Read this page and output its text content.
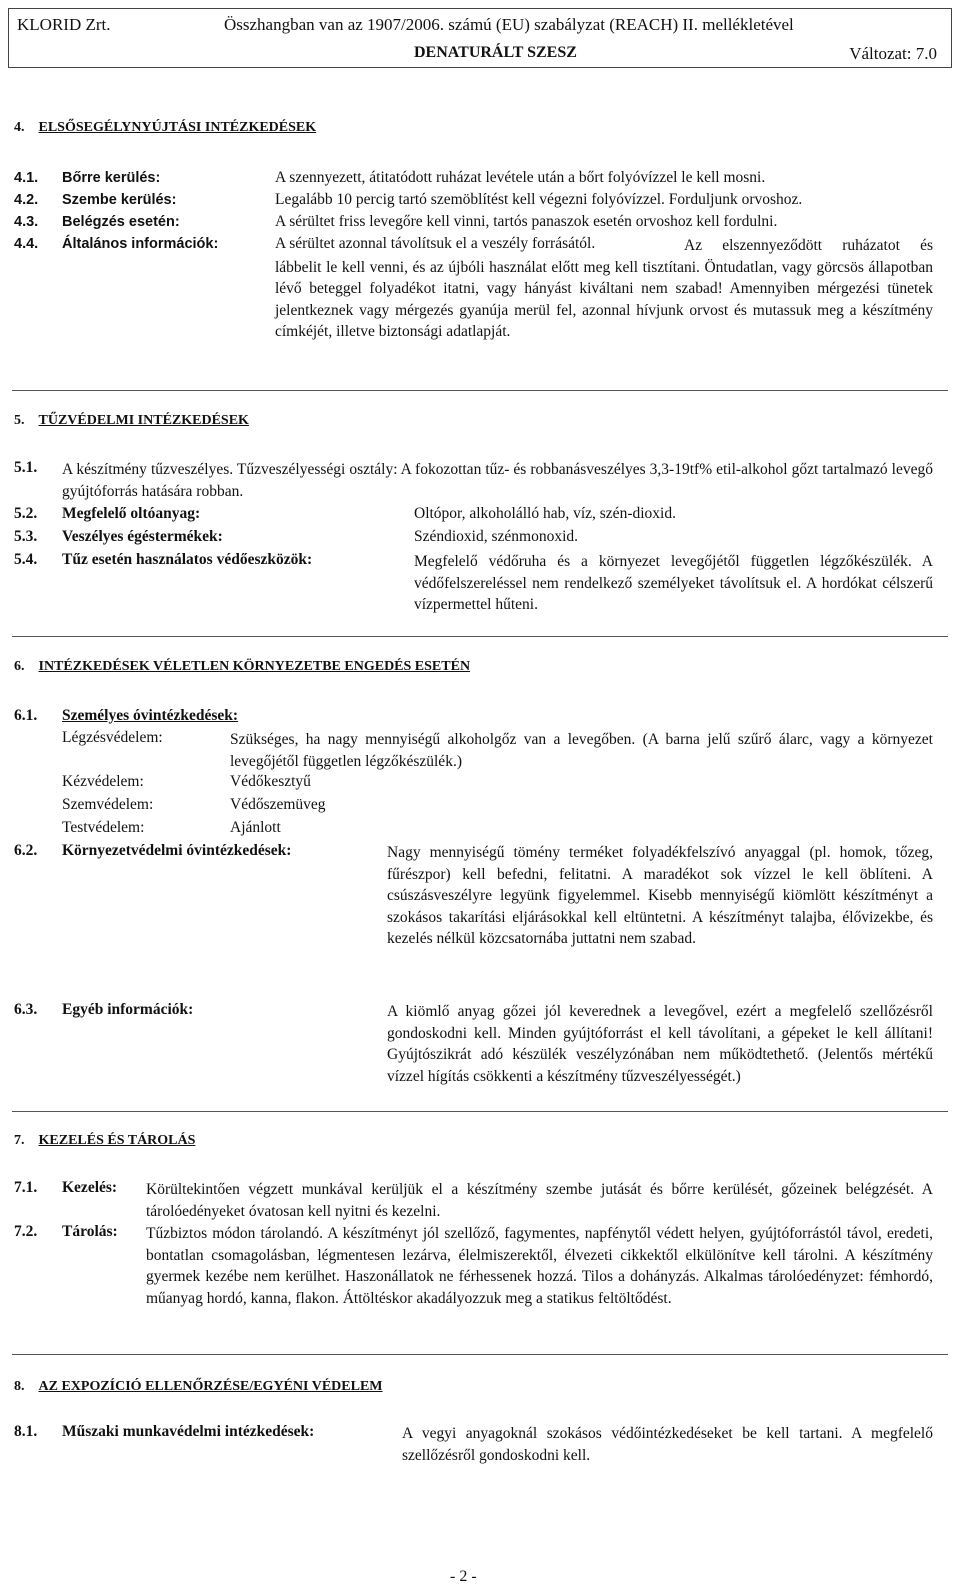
KLORID Zrt.	Összhangban van az 1907/2006. számú (EU) szabályzat (REACH) II. mellékletével
DENATURÁLT SZESZ	Változat: 7.0
4. ELSŐSEGÉLYNYÚJTÁSI INTÉZKEDÉSEK
4.1. Bőrre kerülés:	A szennyezett, átitatódott ruházat levétele után a bőrt folyóvízzel le kell mosni.
4.2. Szembe kerülés:	Legalább 10 percig tartó szemöblítést kell végezni folyóvízzel. Forduljunk orvoshoz.
4.3. Belégzés esetén:	A sérültet friss levegőre kell vinni, tartós panaszok esetén orvoshoz kell fordulni.
4.4. Általános információk:	A sérültet azonnal távolítsuk el a veszély forrásától.	Az elszennyeződött ruházatot és lábbelit le kell venni, és az újbóli használat előtt meg kell tisztítani. Öntudatlan, vagy görcsös állapotban lévő beteggel folyadékot itatni, vagy hányást kiváltani nem szabad! Amennyiben mérgezési tünetek jelentkeznek vagy mérgezés gyanúja merül fel, azonnal hívjunk orvost és mutassuk meg a készítmény címkéjét, illetve biztonsági adatlapját.
5. TŰZVÉDELMI INTÉZKEDÉSEK
5.1. A készítmény tűzveszélyes. Tűzveszélyességi osztály: A fokozottan tűz- és robbanásveszélyes 3,3-19tf% etil-alkohol gőzt tartalmazó levegő gyújtóforrás hatására robban.
5.2. Megfelelő oltóanyag:	Oltópor, alkoholálló hab, víz, szén-dioxid.
5.3. Veszélyes égéstermékek:	Széndioxid, szénmonoxid.
5.4. Tűz esetén használatos védőeszközök:	Megfelelő védőruha és a környezet levegőjétől független légzőkészülék. A védőfelszereléssel nem rendelkező személyeket távolítsuk el. A hordókat célszerű vízpermettel hűteni.
6. INTÉZKEDÉSEK VÉLETLEN KÖRNYEZETBE ENGEDÉS ESETÉN
6.1. Személyes óvintézkedések:
Légzésvédelem:	Szükséges, ha nagy mennyiségű alkoholgőz van a levegőben. (A barna jelű szűrő álarc, vagy a környezet levegőjétől független légzőkészülék.)
Kézvédelem:	Védőkesztyű
Szemvédelem:	Védőszemüveg
Testvédelem:	Ajánlott
6.2. Környezetvédelmi óvintézkedések:	Nagy mennyiségű tömény terméket folyadékfelszívó anyaggal (pl. homok, tőzeg, fűrészpor) kell befedni, felitatni. A maradékot sok vízzel le kell öblíteni. A csúszásveszélyre legyünk figyelemmel. Kisebb mennyiségű kiömlött készítményt a szokásos takarítási eljárásokkal kell eltüntetni. A készítményt talajba, élővizekbe, és kezelés nélkül közcsatornába juttatni nem szabad.
6.3. Egyéb információk:	A kiömlő anyag gőzei jól keverednek a levegővel, ezért a megfelelő szellőzésről gondoskodni kell. Minden gyújtóforrást el kell távolítani, a gépeket le kell állítani! Gyújtószikrát adó készülék veszélyzónában nem működtethető. (Jelentős mértékű vízzel hígítás csökkenti a készítmény tűzveszélyességét.)
7. KEZELÉS ÉS TÁROLÁS
7.1. Kezelés: Körültekintően végzett munkával kerüljük el a készítmény szembe jutását és bőrre kerülését, gőzeinek belégzését. A tárolóedényeket óvatosan kell nyitni és kezelni.
7.2. Tárolás: Tűzbiztos módon tárolandó. A készítményt jól szellőző, fagymentes, napfénytől védett helyen, gyújtóforrástól távol, eredeti, bontatlan csomagolásban, légmentesen lezárva, élelmiszerektől, élvezeti cikkektől elkülönítve kell tárolni. A készítmény gyermek kezébe nem kerülhet. Haszonállatok ne férhessenek hozzá. Tilos a dohányzás. Alkalmas tárolóedényzet: fémhordó, műanyag hordó, kanna, flakon. Áttöltéskor akadályozzuk meg a statikus feltöltődést.
8. AZ EXPOZÍCIÓ ELLENŐRZÉSE/EGYÉNI VÉDELEM
8.1. Műszaki munkavédelmi intézkedések:	A vegyi anyagoknál szokásos védőintézkedéseket be kell tartani. A megfelelő szellőzésről gondoskodni kell.
- 2 -
